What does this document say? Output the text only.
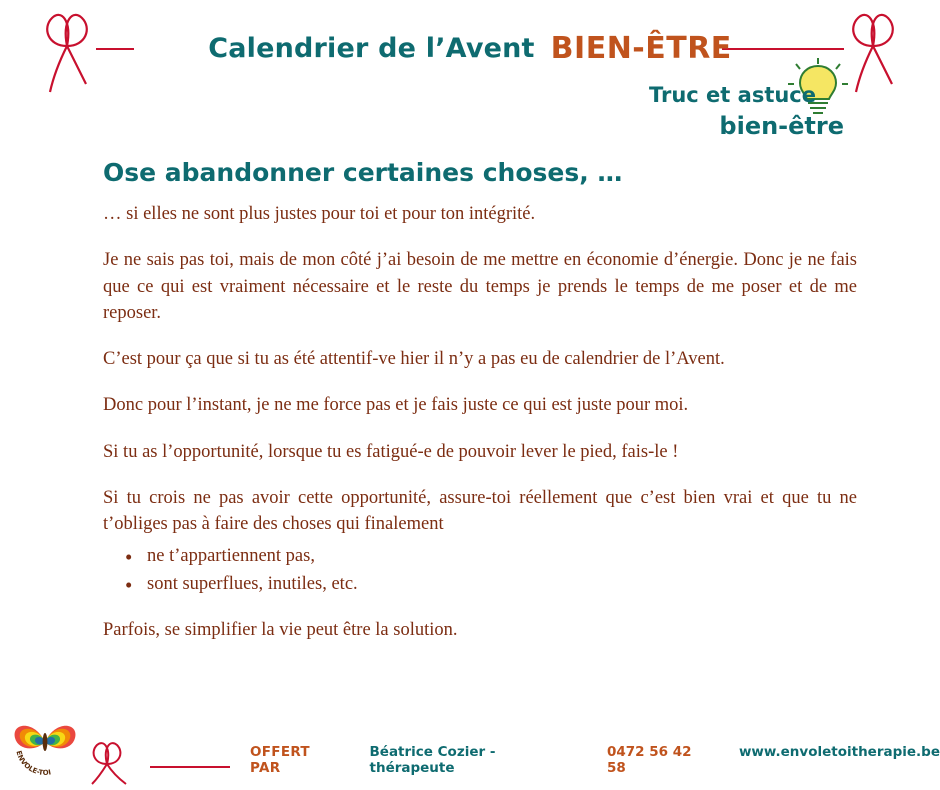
Calendrier de l’Avent BIEN-ÊTRE
Truc et astuce
bien-être
Ose abandonner certaines choses, …

… si elles ne sont plus justes pour toi et pour ton intégrité.

Je ne sais pas toi, mais de mon côté j’ai besoin de me mettre en économie d’énergie. Donc je ne fais que ce qui est vraiment nécessaire et le reste du temps je prends le temps de me poser et de me reposer.

C’est pour ça que si tu as été attentif-ve hier il n’y a pas eu de calendrier de l’Avent.

Donc pour l’instant, je ne me force pas et je fais juste ce qui est juste pour moi.

Si tu as l’opportunité, lorsque tu es fatigué-e de pouvoir lever le pied, fais-le !

Si tu crois ne pas avoir cette opportunité, assure-toi réellement que c’est bien vrai et que tu ne t’obliges pas à faire des choses qui finalement

• ne t’appartiennent pas,
• sont superflues, inutiles, etc.

Parfois, se simplifier la vie peut être la solution.

ENVOLE-TOI
OFFERT PAR
Béatrice Cozier - thérapeute
0472 56 42 58
www.envoletoitherapie.be
